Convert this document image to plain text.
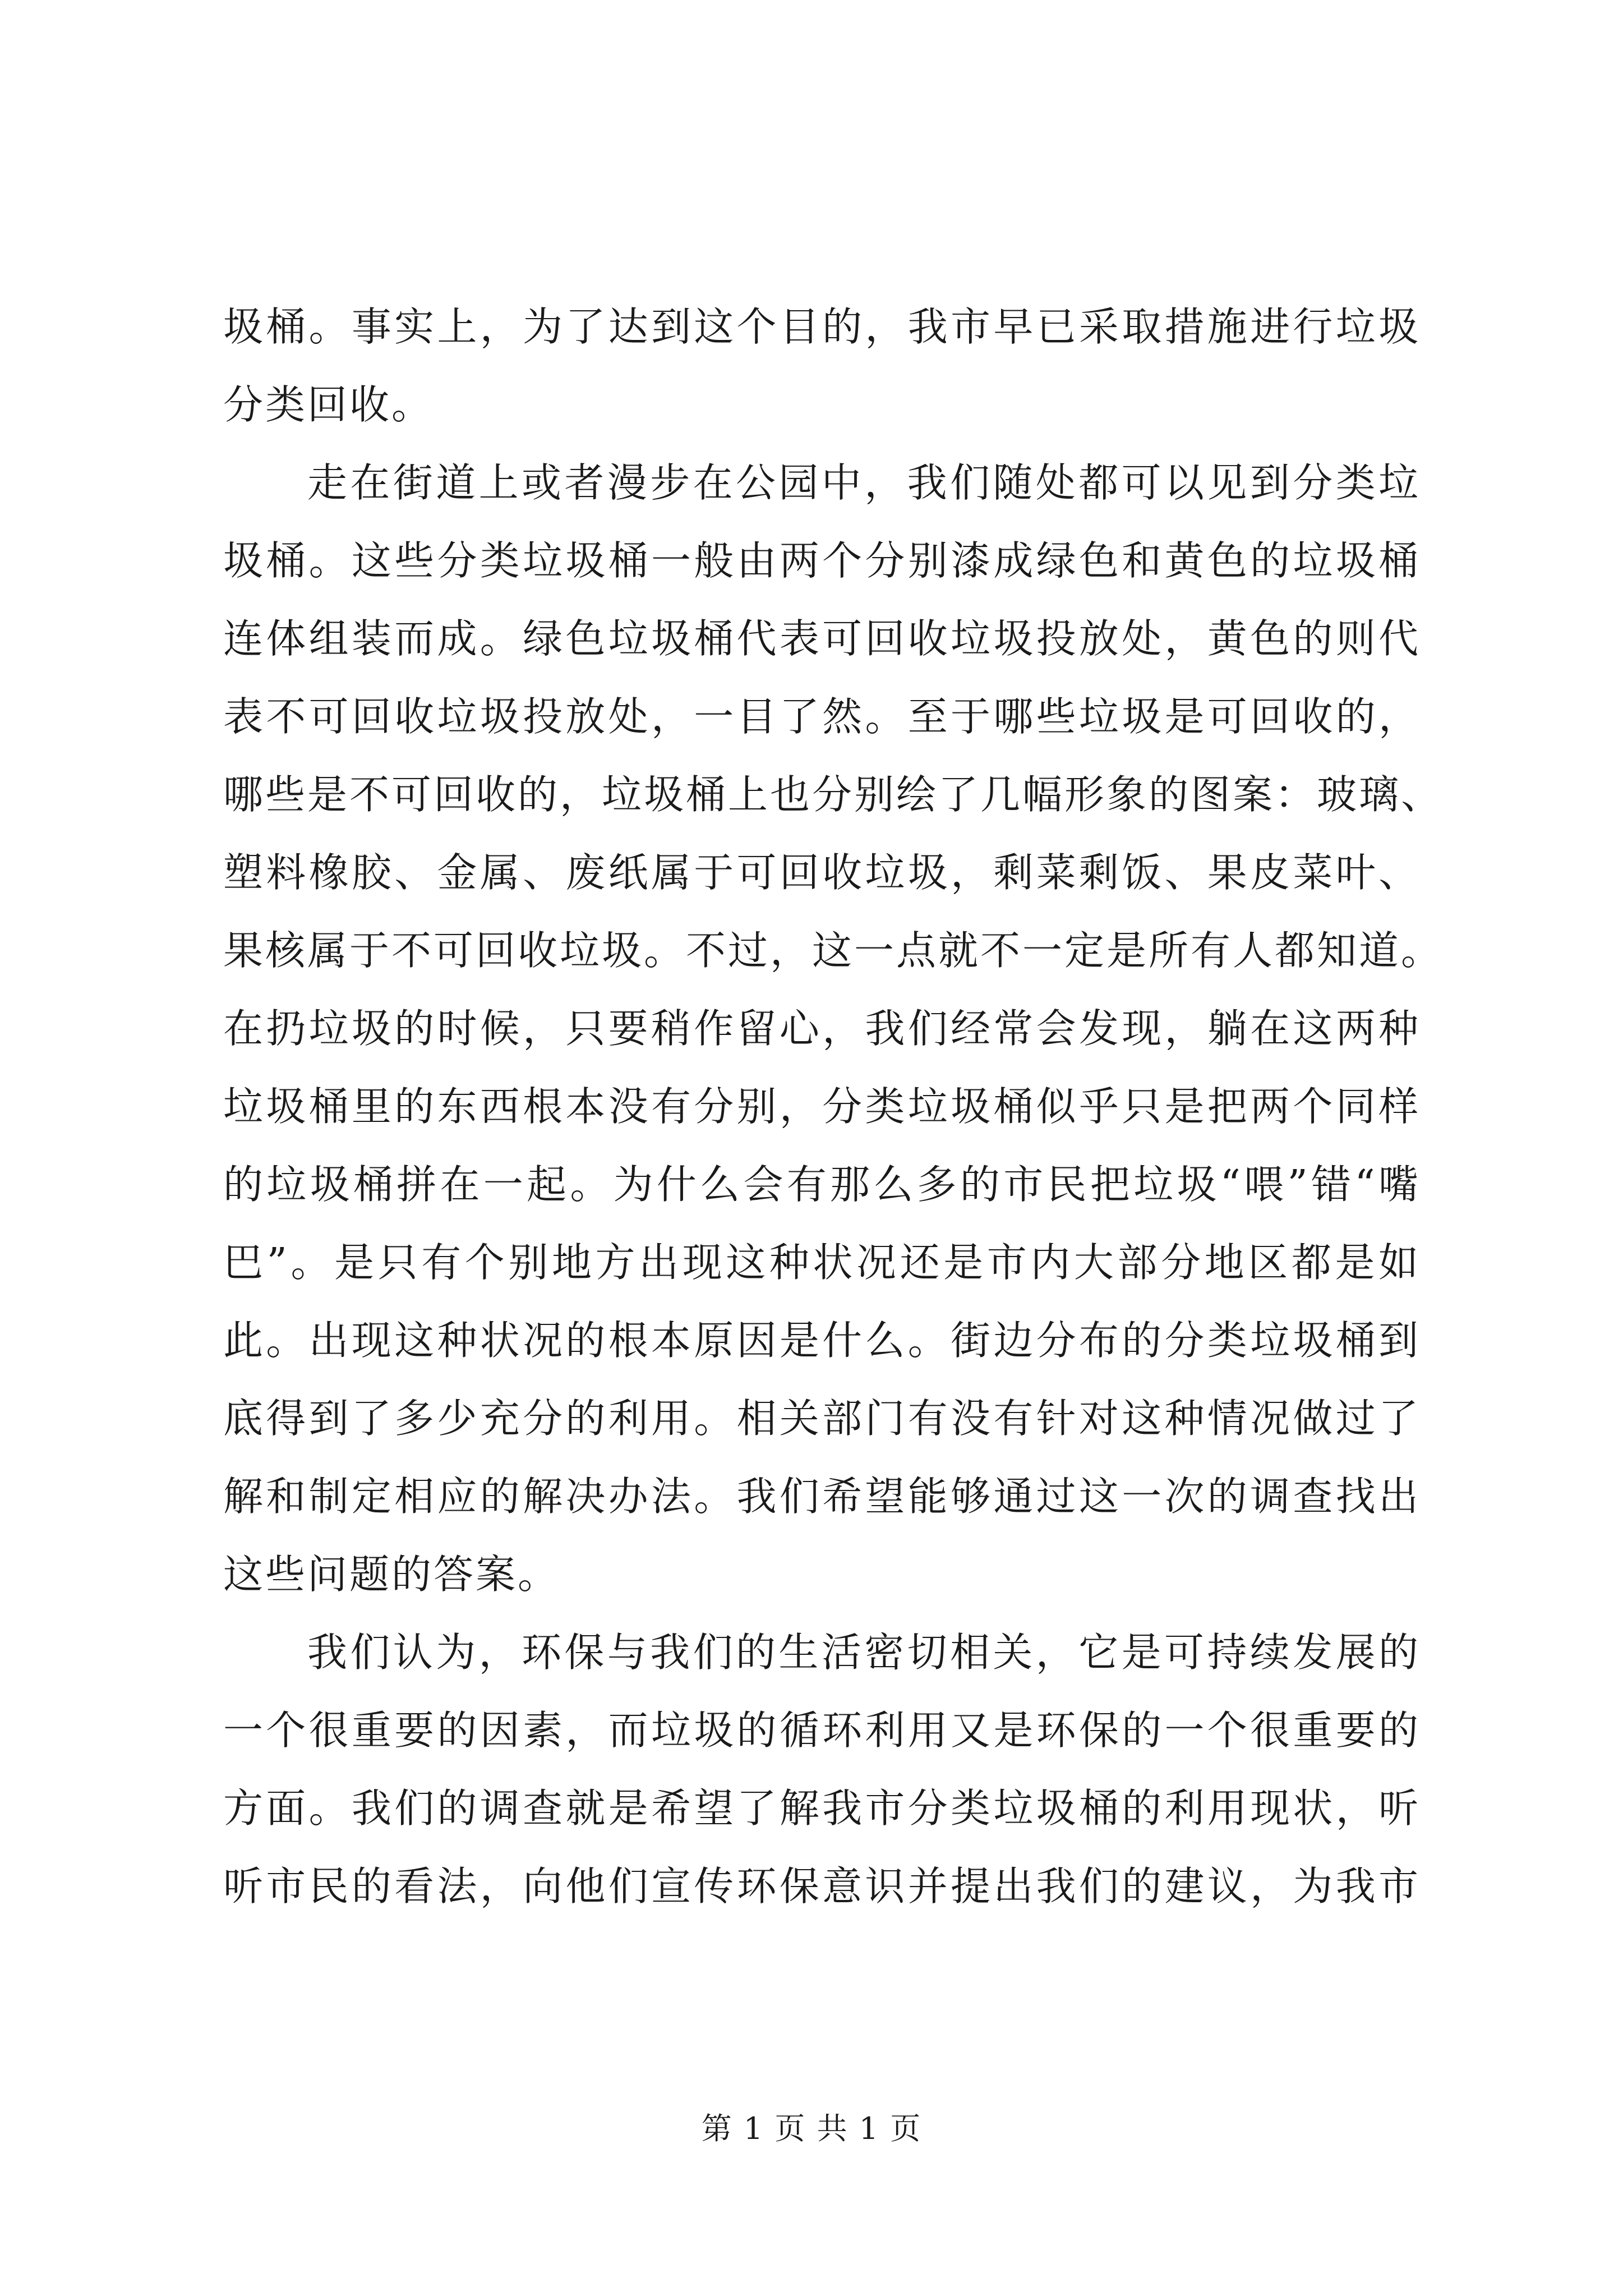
圾桶。事实上，为了达到这个目的，我市早已采取措施进行垃圾
分类回收。
走在街道上或者漫步在公园中，我们随处都可以见到分类垃
圾桶。这些分类垃圾桶一般由两个分别漆成绿色和黄色的垃圾桶
连体组装而成。绿色垃圾桶代表可回收垃圾投放处，黄色的则代
表不可回收垃圾投放处，一目了然。至于哪些垃圾是可回收的，
哪些是不可回收的，垃圾桶上也分别绘了几幅形象的图案：玻璃、
塑料橡胶、金属、废纸属于可回收垃圾，剩菜剩饭、果皮菜叶、
果核属于不可回收垃圾。不过，这一点就不一定是所有人都知道。
在扔垃圾的时候，只要稍作留心，我们经常会发现，躺在这两种
垃圾桶里的东西根本没有分别，分类垃圾桶似乎只是把两个同样
的垃圾桶拼在一起。为什么会有那么多的市民把垃圾“喂”错“嘴
巴”。是只有个别地方出现这种状况还是市内大部分地区都是如
此。出现这种状况的根本原因是什么。街边分布的分类垃圾桶到
底得到了多少充分的利用。相关部门有没有针对这种情况做过了
解和制定相应的解决办法。我们希望能够通过这一次的调查找出
这些问题的答案。
我们认为，环保与我们的生活密切相关，它是可持续发展的
一个很重要的因素，而垃圾的循环利用又是环保的一个很重要的
方面。我们的调查就是希望了解我市分类垃圾桶的利用现状，听
听市民的看法，向他们宣传环保意识并提出我们的建议，为我市
第 1 页 共 1 页
